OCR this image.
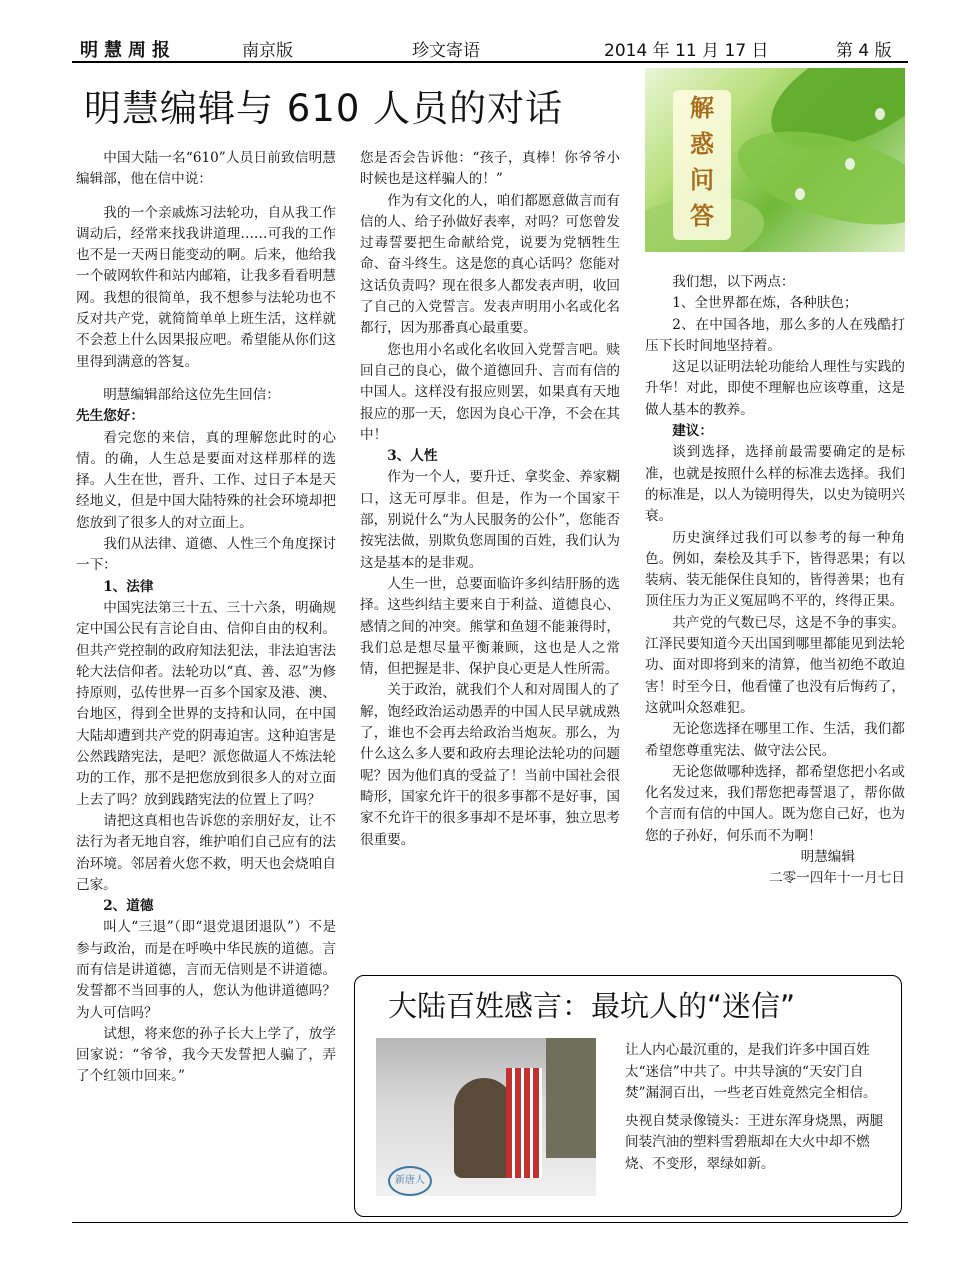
明慧周报	南京版	珍文寄语	2014 年 11 月 17 日	第 4 版
明慧编辑与 610 人员的对话	解
惑
问
答

中国大陆一名“610”人员日前致信明慧编辑部，他在信中说：

我的一个亲戚炼习法轮功，自从我工作调动后，经常来找我讲道理……可我的工作也不是一天两日能变动的啊。后来，他给我一个破网软件和站内邮箱，让我多看看明慧网。我想的很简单，我不想参与法轮功也不反对共产党，就简简单单上班生活，这样就不会惹上什么因果报应吧。希望能从你们这里得到满意的答复。

明慧编辑部给这位先生回信：

先生您好：

看完您的来信，真的理解您此时的心情。的确，人生总是要面对这样那样的选择。人生在世，晋升、工作、过日子本是天经地义，但是中国大陆特殊的社会环境却把您放到了很多人的对立面上。

我们从法律、道德、人性三个角度探讨一下：

1、法律

中国宪法第三十五、三十六条，明确规定中国公民有言论自由、信仰自由的权利。但共产党控制的政府知法犯法，非法迫害法轮大法信仰者。法轮功以“真、善、忍”为修持原则，弘传世界一百多个国家及港、澳、台地区，得到全世界的支持和认同，在中国大陆却遭到共产党的阴毒迫害。这种迫害是公然践踏宪法，是吧？派您做逼人不炼法轮功的工作，那不是把您放到很多人的对立面上去了吗？放到践踏宪法的位置上了吗？

请把这真相也告诉您的亲朋好友，让不法行为者无地自容，维护咱们自己应有的法治环境。邻居着火您不救，明天也会烧咱自己家。

2、道德

叫人“三退”（即“退党退团退队”）不是参与政治，而是在呼唤中华民族的道德。言而有信是讲道德，言而无信则是不讲道德。发誓都不当回事的人，您认为他讲道德吗？为人可信吗？

试想，将来您的孙子长大上学了，放学回家说：“爷爷，我今天发誓把人骗了，弄了个红领巾回来。”

您是否会告诉他：“孩子，真棒！你爷爷小时候也是这样骗人的！”

作为有文化的人，咱们都愿意做言而有信的人、给子孙做好表率，对吗？可您曾发过毒誓要把生命献给党，说要为党牺牲生命、奋斗终生。这是您的真心话吗？您能对这话负责吗？现在很多人都发表声明，收回了自己的入党誓言。发表声明用小名或化名都行，因为那番真心最重要。

您也用小名或化名收回入党誓言吧。赎回自己的良心，做个道德回升、言而有信的中国人。这样没有报应则罢，如果真有天地报应的那一天，您因为良心干净，不会在其中！

3、人性

作为一个人，要升迁、拿奖金、养家糊口，这无可厚非。但是，作为一个国家干部，别说什么“为人民服务的公仆”，您能否按宪法做，别欺负您周围的百姓，我们认为这是基本的是非观。

人生一世，总要面临许多纠结肝肠的选择。这些纠结主要来自于利益、道德良心、感情之间的冲突。熊掌和鱼翅不能兼得时，我们总是想尽量平衡兼顾，这也是人之常情，但把握是非、保护良心更是人性所需。

关于政治，就我们个人和对周围人的了解，饱经政治运动愚弄的中国人民早就成熟了，谁也不会再去给政治当炮灰。那么，为什么这么多人要和政府去理论法轮功的问题呢？因为他们真的受益了！当前中国社会很畸形，国家允许干的很多事都不是好事，国家不允许干的很多事却不是坏事，独立思考很重要。

我们想，以下两点：

1、全世界都在炼，各种肤色；

2、在中国各地，那么多的人在残酷打压下长时间地坚持着。

这足以证明法轮功能给人理性与实践的升华！对此，即使不理解也应该尊重，这是做人基本的教养。

建议：

谈到选择，选择前最需要确定的是标准，也就是按照什么样的标准去选择。我们的标准是，以人为镜明得失，以史为镜明兴衰。

历史演绎过我们可以参考的每一种角色。例如，秦桧及其手下，皆得恶果；有以装病、装无能保住良知的，皆得善果；也有顶住压力为正义冤屈鸣不平的，终得正果。

共产党的气数已尽，这是不争的事实。江泽民要知道今天出国到哪里都能见到法轮功、面对即将到来的清算，他当初绝不敢迫害！时至今日，他看懂了也没有后悔药了，这就叫众怒难犯。

无论您选择在哪里工作、生活，我们都希望您尊重宪法、做守法公民。

无论您做哪种选择，都希望您把小名或化名发过来，我们帮您把毒誓退了，帮你做个言而有信的中国人。既为您自己好，也为您的子孙好，何乐而不为啊！

明慧编辑

二零一四年十一月七日

大陆百姓感言：最坑人的“迷信”
新唐人

让人内心最沉重的，是我们许多中国百姓太“迷信”中共了。中共导演的“天安门自焚”漏洞百出，一些老百姓竟然完全相信。

央视自焚录像镜头：王进东浑身烧黑，两腿间装汽油的塑料雪碧瓶却在大火中却不燃烧、不变形，翠绿如新。
